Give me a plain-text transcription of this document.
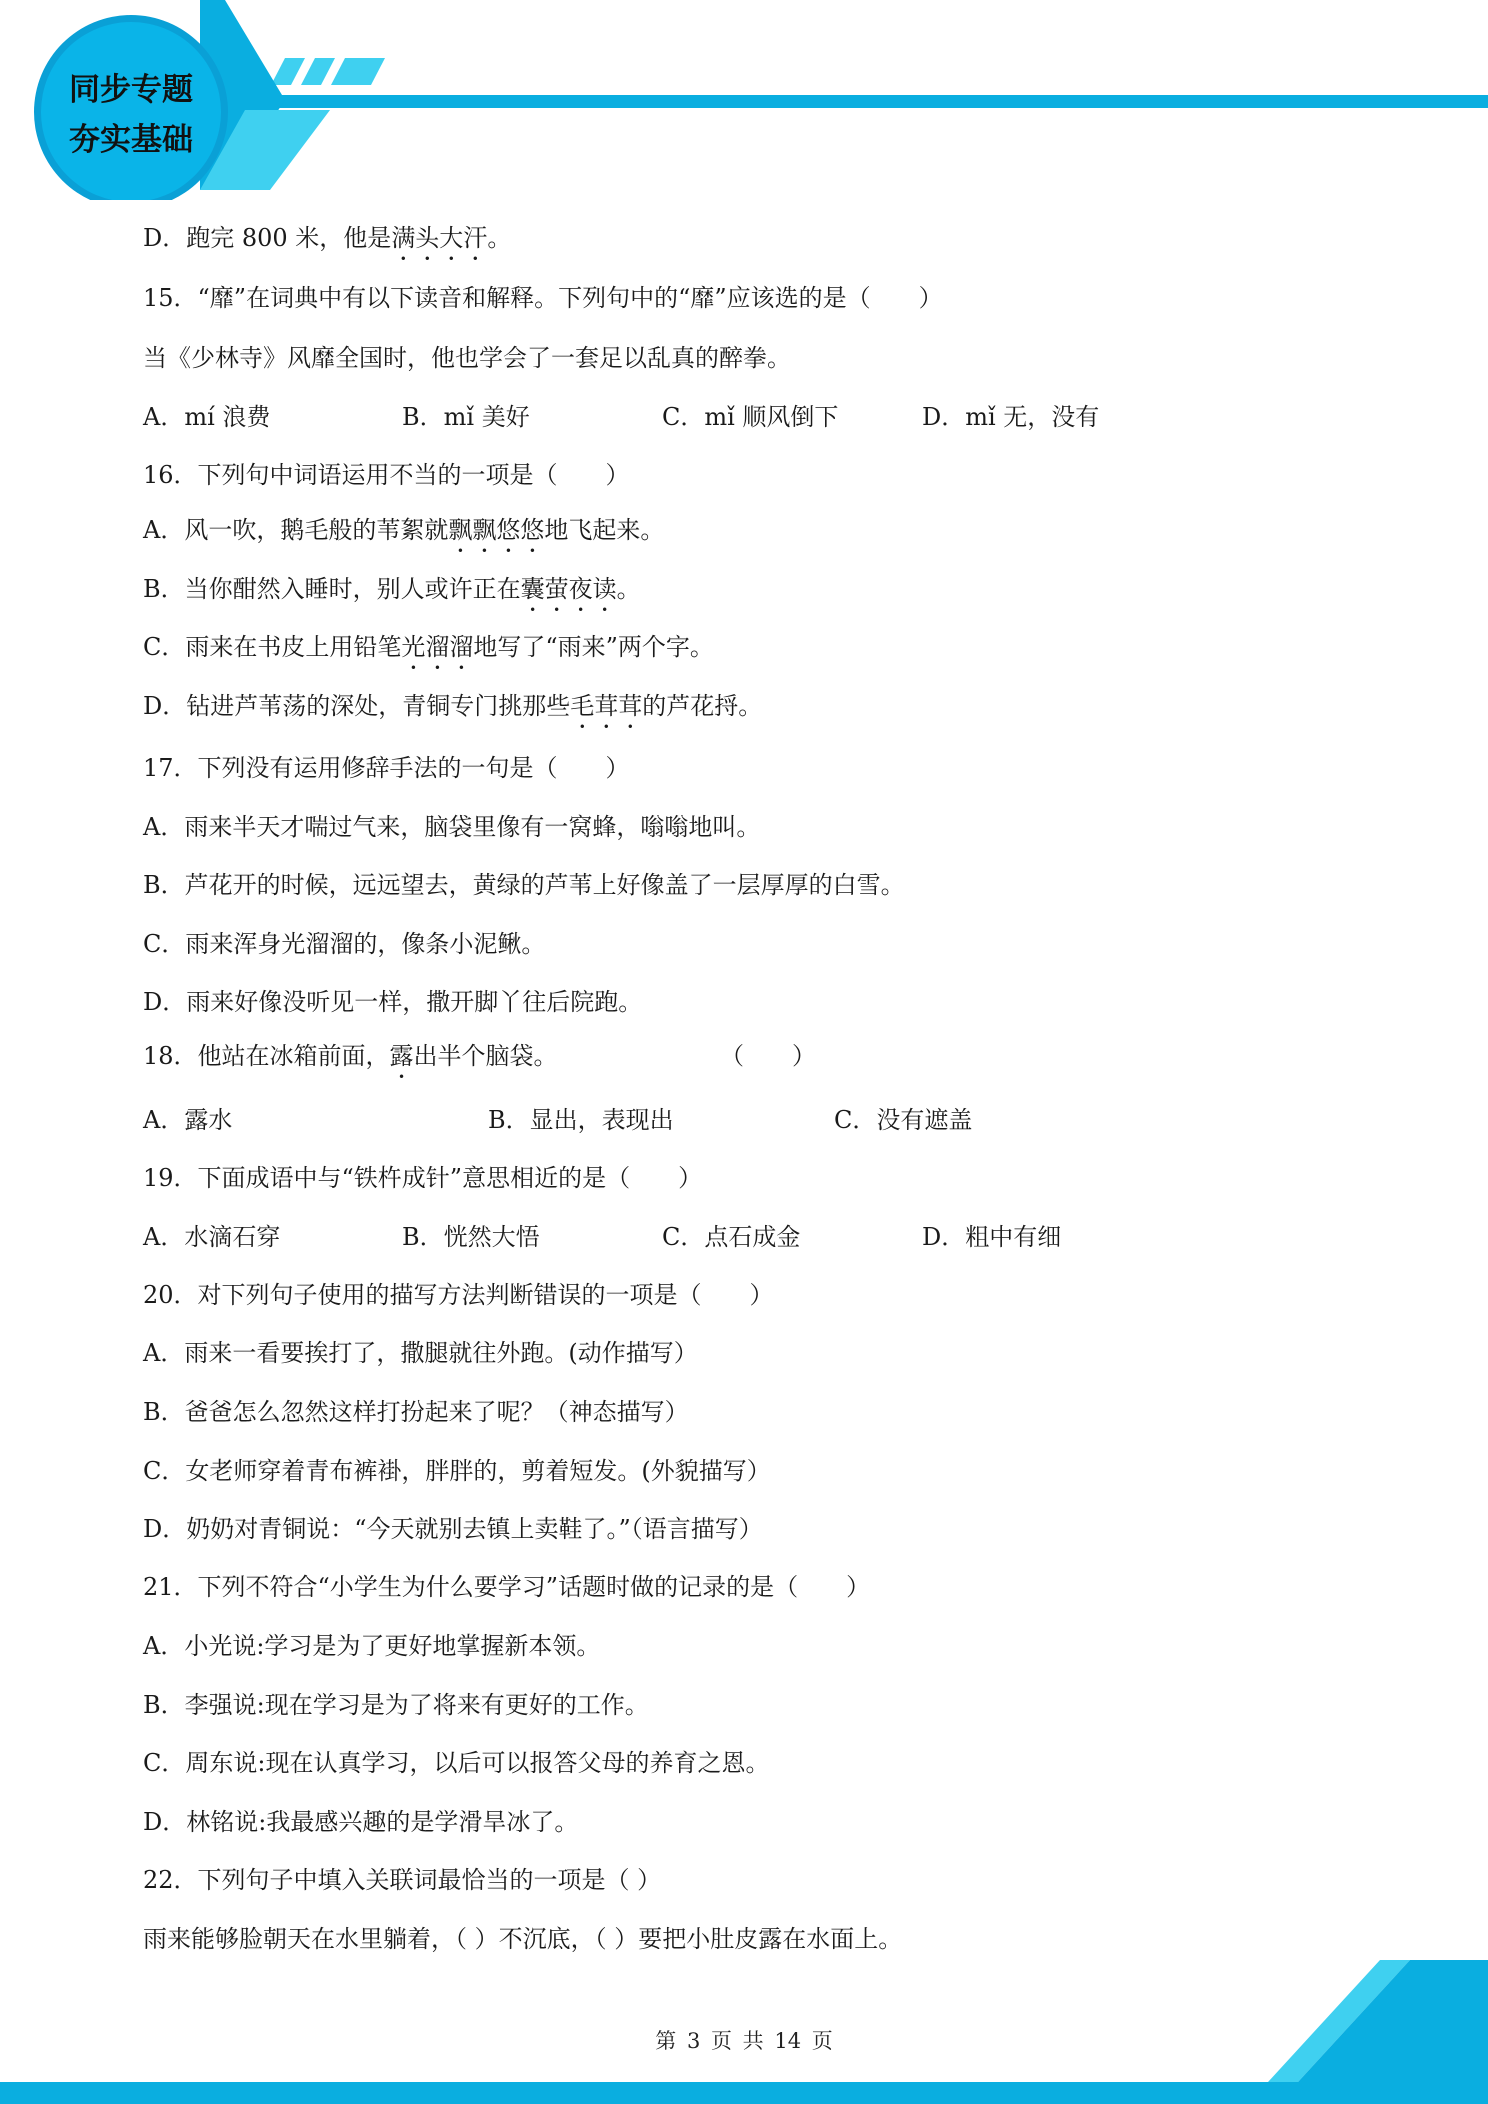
同步专题
夯实基础
D．跑完 800 米，他是满头大汗。
15．“靡”在词典中有以下读音和解释。下列句中的“靡”应该选的是（　　）
当《少林寺》风靡全国时，他也学会了一套足以乱真的醉拳。
A．mí 浪费	B．mǐ 美好	C．mǐ 顺风倒下	D．mǐ 无，没有
16．下列句中词语运用不当的一项是（　　）
A．风一吹，鹅毛般的苇絮就飘飘悠悠地飞起来。
B．当你酣然入睡时，别人或许正在囊萤夜读。
C．雨来在书皮上用铅笔光溜溜地写了“雨来”两个字。
D．钻进芦苇荡的深处，青铜专门挑那些毛茸茸的芦花捋。
17．下列没有运用修辞手法的一句是（　　）
A．雨来半天才喘过气来，脑袋里像有一窝蜂，嗡嗡地叫。
B．芦花开的时候，远远望去，黄绿的芦苇上好像盖了一层厚厚的白雪。
C．雨来浑身光溜溜的，像条小泥鳅。
D．雨来好像没听见一样，撒开脚丫往后院跑。
18．他站在冰箱前面，露出半个脑袋。	（　　）
A．露水	B．显出，表现出	C．没有遮盖
19．下面成语中与“铁杵成针”意思相近的是（　　）
A．水滴石穿	B．恍然大悟	C．点石成金	D．粗中有细
20．对下列句子使用的描写方法判断错误的一项是（　　）
A．雨来一看要挨打了，撒腿就往外跑。(动作描写）
B．爸爸怎么忽然这样打扮起来了呢？（神态描写）
C．女老师穿着青布裤褂，胖胖的，剪着短发。(外貌描写）
D．奶奶对青铜说：“今天就别去镇上卖鞋了。”（语言描写）
21．下列不符合“小学生为什么要学习”话题时做的记录的是（　　）
A．小光说:学习是为了更好地掌握新本领。
B．李强说:现在学习是为了将来有更好的工作。
C．周东说:现在认真学习，以后可以报答父母的养育之恩。
D．林铭说:我最感兴趣的是学滑旱冰了。
22．下列句子中填入关联词最恰当的一项是（ ）
雨来能够脸朝天在水里躺着，（ ）不沉底，（ ）要把小肚皮露在水面上。
第 3 页 共 14 页
